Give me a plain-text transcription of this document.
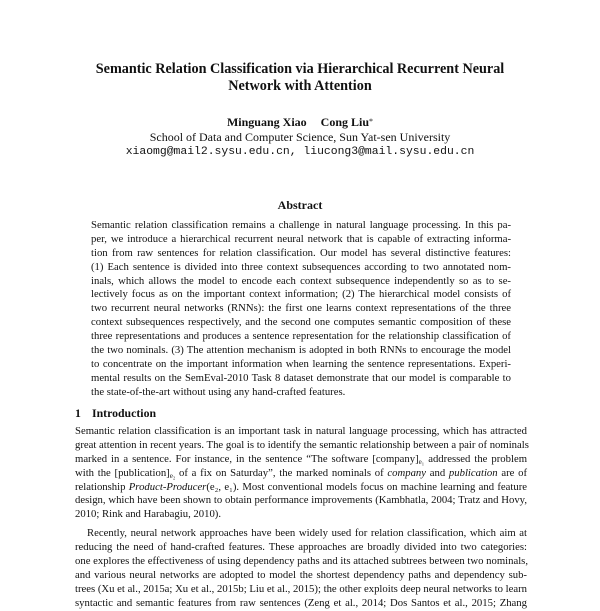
Semantic Relation Classification via Hierarchical Recurrent Neural
Network with Attention
Minguang Xiao Cong Liu*
School of Data and Computer Science, Sun Yat-sen University
xiaomg@mail2.sysu.edu.cn, liucong3@mail.sysu.edu.cn
Abstract
Semantic relation classification remains a challenge in natural language processing. In this pa-
per, we introduce a hierarchical recurrent neural network that is capable of extracting informa-
tion from raw sentences for relation classification. Our model has several distinctive features:
(1) Each sentence is divided into three context subsequences according to two annotated nom-
inals, which allows the model to encode each context subsequence independently so as to se-
lectively focus as on the important context information; (2) The hierarchical model consists of
two recurrent neural networks (RNNs): the first one learns context representations of the three
context subsequences respectively, and the second one computes semantic composition of these
three representations and produces a sentence representation for the relationship classification of
the two nominals. (3) The attention mechanism is adopted in both RNNs to encourage the model
to concentrate on the important information when learning the sentence representations. Experi-
mental results on the SemEval-2010 Task 8 dataset demonstrate that our model is comparable to
the state-of-the-art without using any hand-crafted features.
1 Introduction
Semantic relation classification is an important task in natural language processing, which has attracted
great attention in recent years. The goal is to identify the semantic relationship between a pair of nominals
marked in a sentence. For instance, in the sentence “The software $[company]_{e_1}$ addressed the problem
with the $[publication]_{e_2}$ of a fix on Saturday”, the marked nominals of company and publication are of
relationship Product-Producer(e₂, e₁). Most conventional models focus on machine learning and feature
design, which have been shown to obtain performance improvements (Kambhatla, 2004; Tratz and Hovy,
2010; Rink and Harabagiu, 2010).
Recently, neural network approaches have been widely used for relation classification, which aim at
reducing the need of hand-crafted features. These approaches are broadly divided into two categories:
one explores the effectiveness of using dependency paths and its attached subtrees between two nominals,
and various neural networks are adopted to model the shortest dependency paths and dependency sub-
trees (Xu et al., 2015a; Xu et al., 2015b; Liu et al., 2015); the other exploits deep neural networks to learn
syntactic and semantic features from raw sentences (Zeng et al., 2014; Dos Santos et al., 2015; Zhang
